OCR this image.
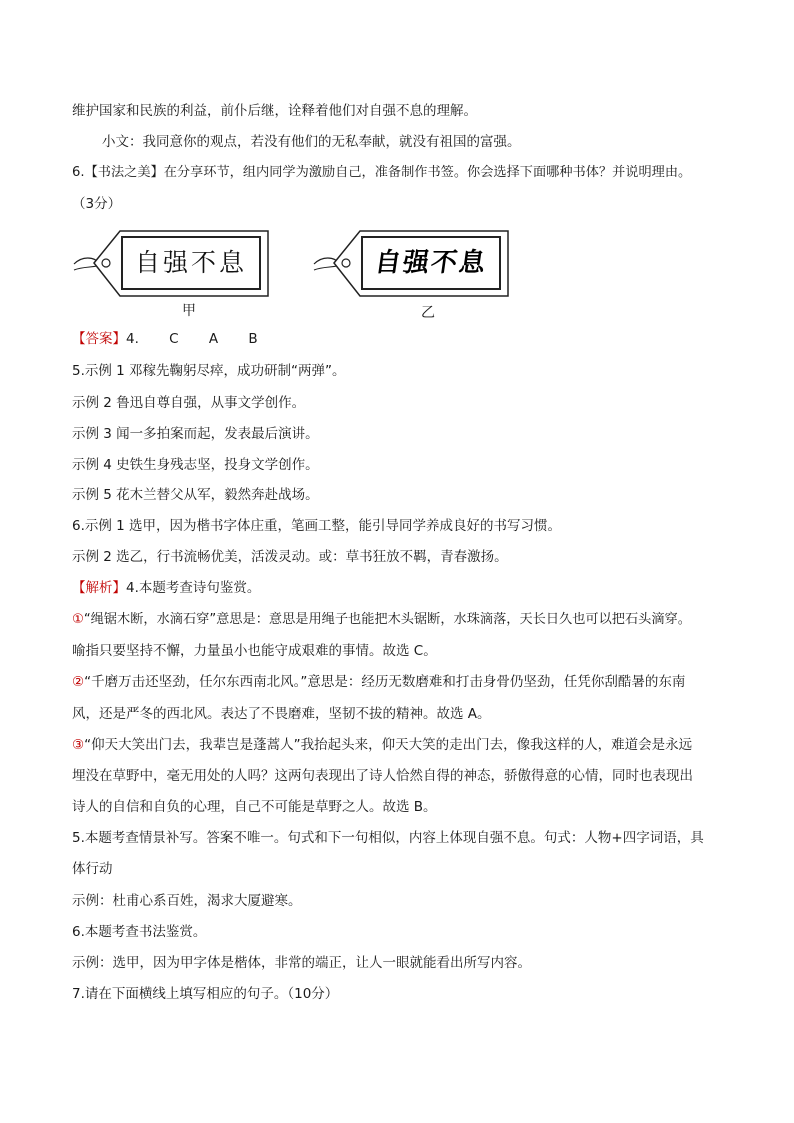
维护国家和民族的利益，前仆后继，诠释着他们对自强不息的理解。
小文：我同意你的观点，若没有他们的无私奉献，就没有祖国的富强。
6.【书法之美】在分享环节，组内同学为激励自己，准备制作书签。你会选择下面哪种书体？并说明理由。
（3分）
自强不息
甲
自强不息
乙
【答案】4. C A B
5.示例 1 邓稼先鞠躬尽瘁，成功研制“两弹”。
示例 2 鲁迅自尊自强，从事文学创作。
示例 3 闻一多拍案而起，发表最后演讲。
示例 4 史铁生身残志坚，投身文学创作。
示例 5 花木兰替父从军，毅然奔赴战场。
6.示例 1 选甲，因为楷书字体庄重，笔画工整，能引导同学养成良好的书写习惯。
示例 2 选乙，行书流畅优美，活泼灵动。或：草书狂放不羁，青春激扬。
【解析】4.本题考查诗句鉴赏。
①“绳锯木断，水滴石穿”意思是：意思是用绳子也能把木头锯断，水珠滴落，天长日久也可以把石头滴穿。
喻指只要坚持不懈，力量虽小也能守成艰难的事情。故选 C。
②“千磨万击还坚劲，任尔东西南北风。”意思是：经历无数磨难和打击身骨仍坚劲，任凭你刮酷暑的东南
风，还是严冬的西北风。表达了不畏磨难，坚韧不拔的精神。故选 A。
③“仰天大笑出门去，我辈岂是蓬蒿人”我抬起头来，仰天大笑的走出门去，像我这样的人，难道会是永远
埋没在草野中，毫无用处的人吗？这两句表现出了诗人恰然自得的神态，骄傲得意的心情，同时也表现出
诗人的自信和自负的心理，自己不可能是草野之人。故选 B。
5.本题考查情景补写。答案不唯一。句式和下一句相似，内容上体现自强不息。句式：人物+四字词语，具
体行动
示例：杜甫心系百姓，渴求大厦避寒。
6.本题考查书法鉴赏。
示例：选甲，因为甲字体是楷体，非常的端正，让人一眼就能看出所写内容。
7.请在下面横线上填写相应的句子。（10分）
